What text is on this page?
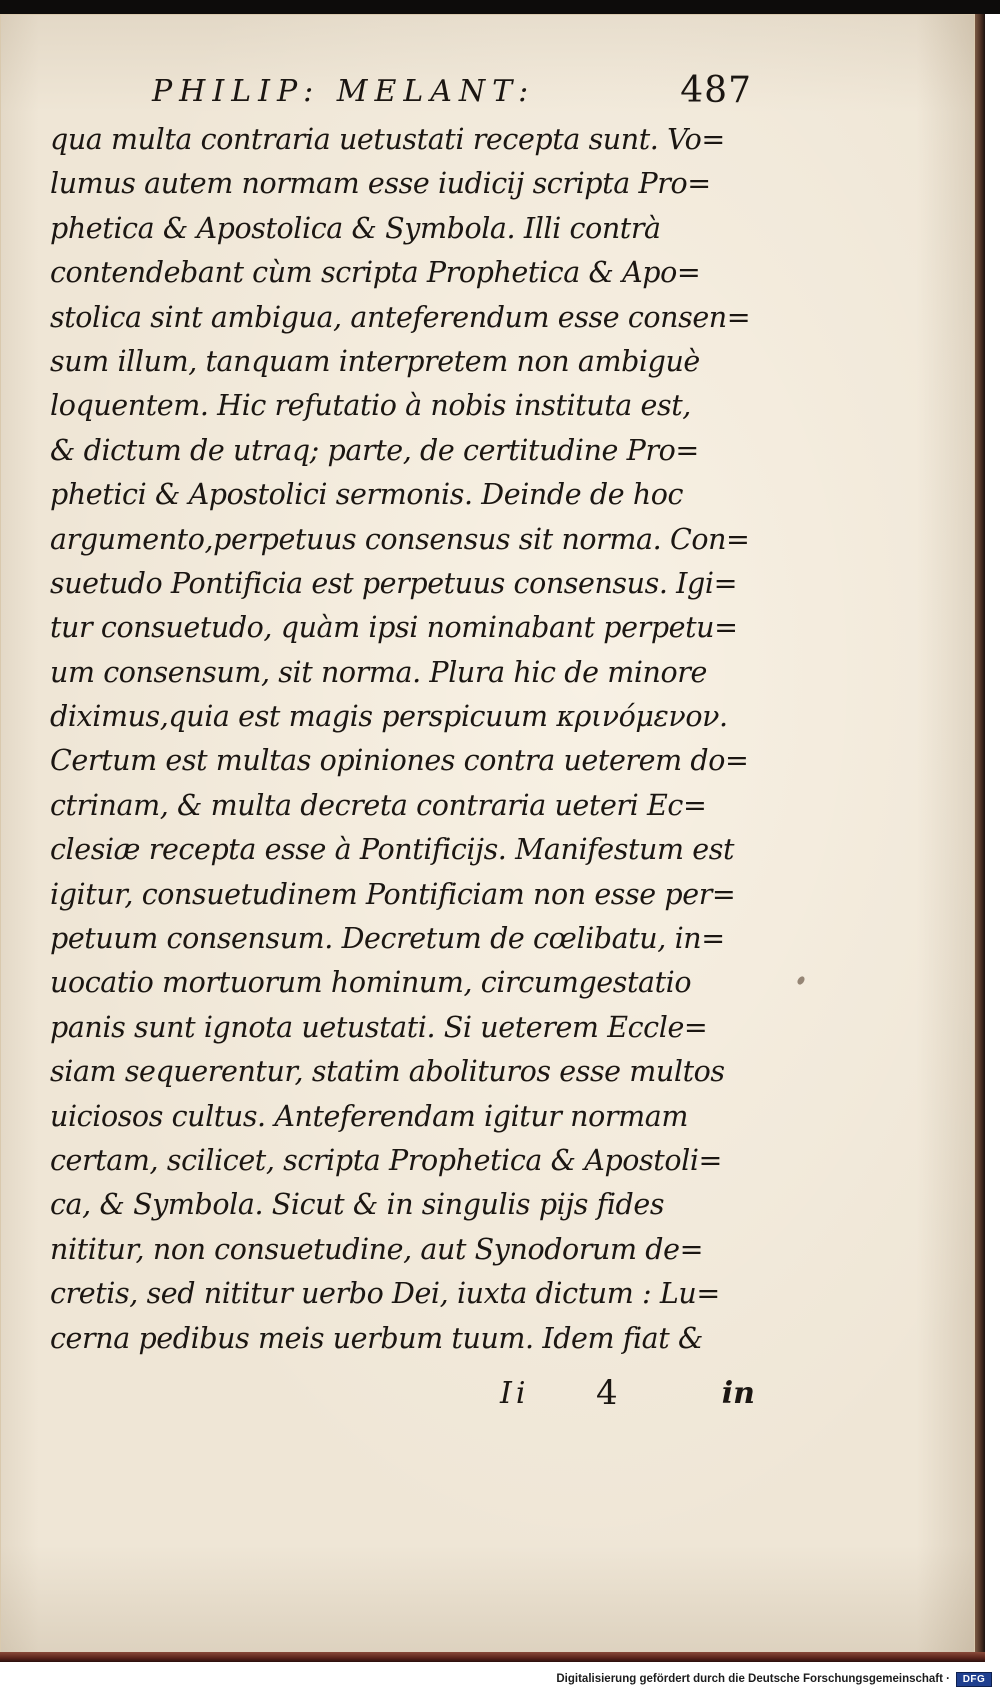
PHILIP: MELANT:	487
qua multa contraria uetustati recepta sunt. Vo=
lumus autem normam esse iudicij scripta Pro=
phetica & Apostolica & Symbola. Illi contrà
contendebant cùm scripta Prophetica & Apo=
stolica sint ambigua, anteferendum esse consen=
sum illum, tanquam interpretem non ambiguè
loquentem. Hic refutatio à nobis instituta est,
& dictum de utraq; parte, de certitudine Pro=
phetici & Apostolici sermonis. Deinde de hoc
argumento,perpetuus consensus sit norma. Con=
suetudo Pontificia est perpetuus consensus. Igi=
tur consuetudo, quàm ipsi nominabant perpetu=
um consensum, sit norma. Plura hic de minore
diximus,quia est magis perspicuum κρινόμενον.
Certum est multas opiniones contra ueterem do=
ctrinam, & multa decreta contraria ueteri Ec=
clesiæ recepta esse à Pontificijs. Manifestum est
igitur, consuetudinem Pontificiam non esse per=
petuum consensum. Decretum de cœlibatu, in=
uocatio mortuorum hominum, circumgestatio
panis sunt ignota uetustati. Si ueterem Eccle=
siam sequerentur, statim abolituros esse multos
uiciosos cultus. Anteferendam igitur normam
certam, scilicet, scripta Prophetica & Apostoli=
ca, & Symbola. Sicut & in singulis pijs fides
nititur, non consuetudine, aut Synodorum de=
cretis, sed nititur uerbo Dei, iuxta dictum : Lu=
cerna pedibus meis uerbum tuum. Idem fiat &
Ii 4	in
Digitalisierung gefördert durch die Deutsche Forschungsgemeinschaft ·	DFG
